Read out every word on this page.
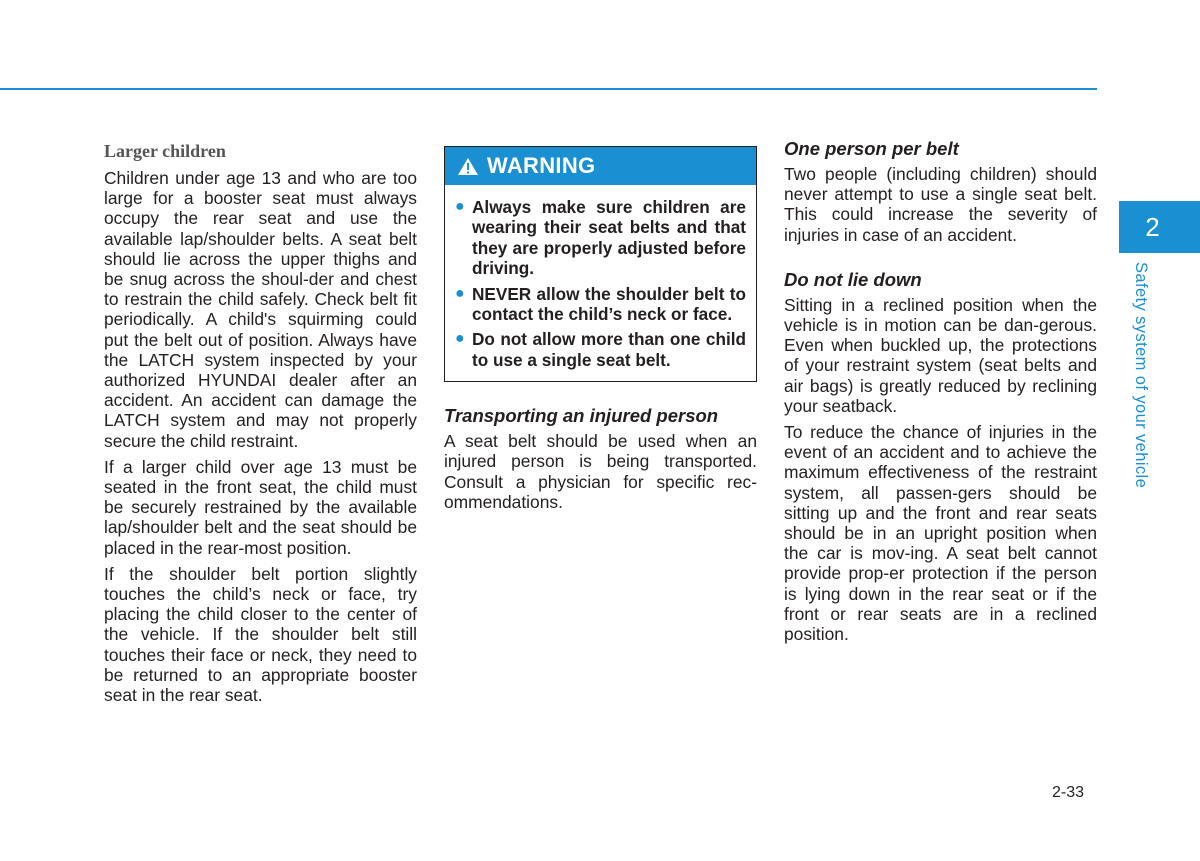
Larger children

Children under age 13 and who are too large for a booster seat must always occupy the rear seat and use the available lap/shoulder belts. A seat belt should lie across the upper thighs and be snug across the shoul-der and chest to restrain the child safely. Check belt fit periodically. A child's squirming could put the belt out of position. Always have the LATCH system inspected by your authorized HYUNDAI dealer after an accident. An accident can damage the LATCH system and may not properly secure the child restraint.

If a larger child over age 13 must be seated in the front seat, the child must be securely restrained by the available lap/shoulder belt and the seat should be placed in the rear-most position.

If the shoulder belt portion slightly touches the child’s neck or face, try placing the child closer to the center of the vehicle. If the shoulder belt still touches their face or neck, they need to be returned to an appropriate booster seat in the rear seat.

WARNING
● Always make sure children are wearing their seat belts and that they are properly adjusted before driving.
● NEVER allow the shoulder belt to contact the child’s neck or face.
● Do not allow more than one child to use a single seat belt.
Transporting an injured person

A seat belt should be used when an injured person is being transported. Consult a physician for specific rec-ommendations.

One person per belt

Two people (including children) should never attempt to use a single seat belt. This could increase the severity of injuries in case of an accident.

Do not lie down

Sitting in a reclined position when the vehicle is in motion can be dan-gerous. Even when buckled up, the protections of your restraint system (seat belts and air bags) is greatly reduced by reclining your seatback.

To reduce the chance of injuries in the event of an accident and to achieve the maximum effectiveness of the restraint system, all passen-gers should be sitting up and the front and rear seats should be in an upright position when the car is mov-ing. A seat belt cannot provide prop-er protection if the person is lying down in the rear seat or if the front or rear seats are in a reclined position.

2
Safety system of your vehicle
2-33
